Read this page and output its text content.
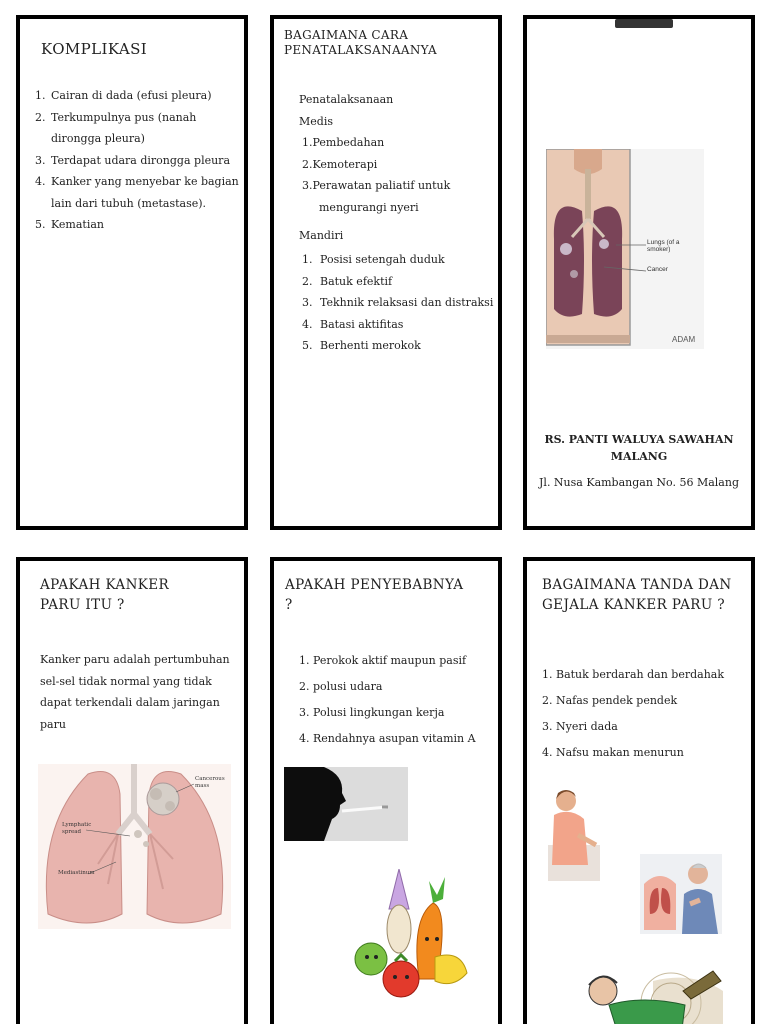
KOMPLIKASI
1. Cairan di dada (efusi pleura)
2. Terkumpulnya pus (nanah
dirongga pleura)
3. Terdapat udara dirongga pleura
4. Kanker yang menyebar ke bagian
lain dari tubuh (metastase).
5. Kematian
BAGAIMANA CARA
PENATALAKSANAANYA
Penatalaksanaan
Medis
1.Pembedahan
2.Kemoterapi
3.Perawatan paliatif untuk
mengurangi nyeri
Mandiri
1. Posisi setengah duduk
2. Batuk efektif
3. Tekhnik relaksasi dan distraksi
4. Batasi aktifitas
5. Berhenti merokok
Lungs (of a smoker)
Cancer
ADAM
RS. PANTI WALUYA SAWAHAN
MALANG
Jl. Nusa Kambangan No. 56 Malang
APAKAH KANKER
PARU ITU ?
Kanker paru adalah pertumbuhan
sel-sel tidak normal yang tidak
dapat terkendali dalam jaringan
paru
Cancerous mass
Lymphatic spread
Mediastinum
APAKAH PENYEBABNYA
?
1. Perokok aktif maupun pasif
2. polusi udara
3. Polusi lingkungan kerja
4. Rendahnya asupan vitamin A
BAGAIMANA TANDA DAN
GEJALA KANKER PARU ?
1. Batuk berdarah dan berdahak
2. Nafas pendek pendek
3. Nyeri dada
4. Nafsu makan menurun
